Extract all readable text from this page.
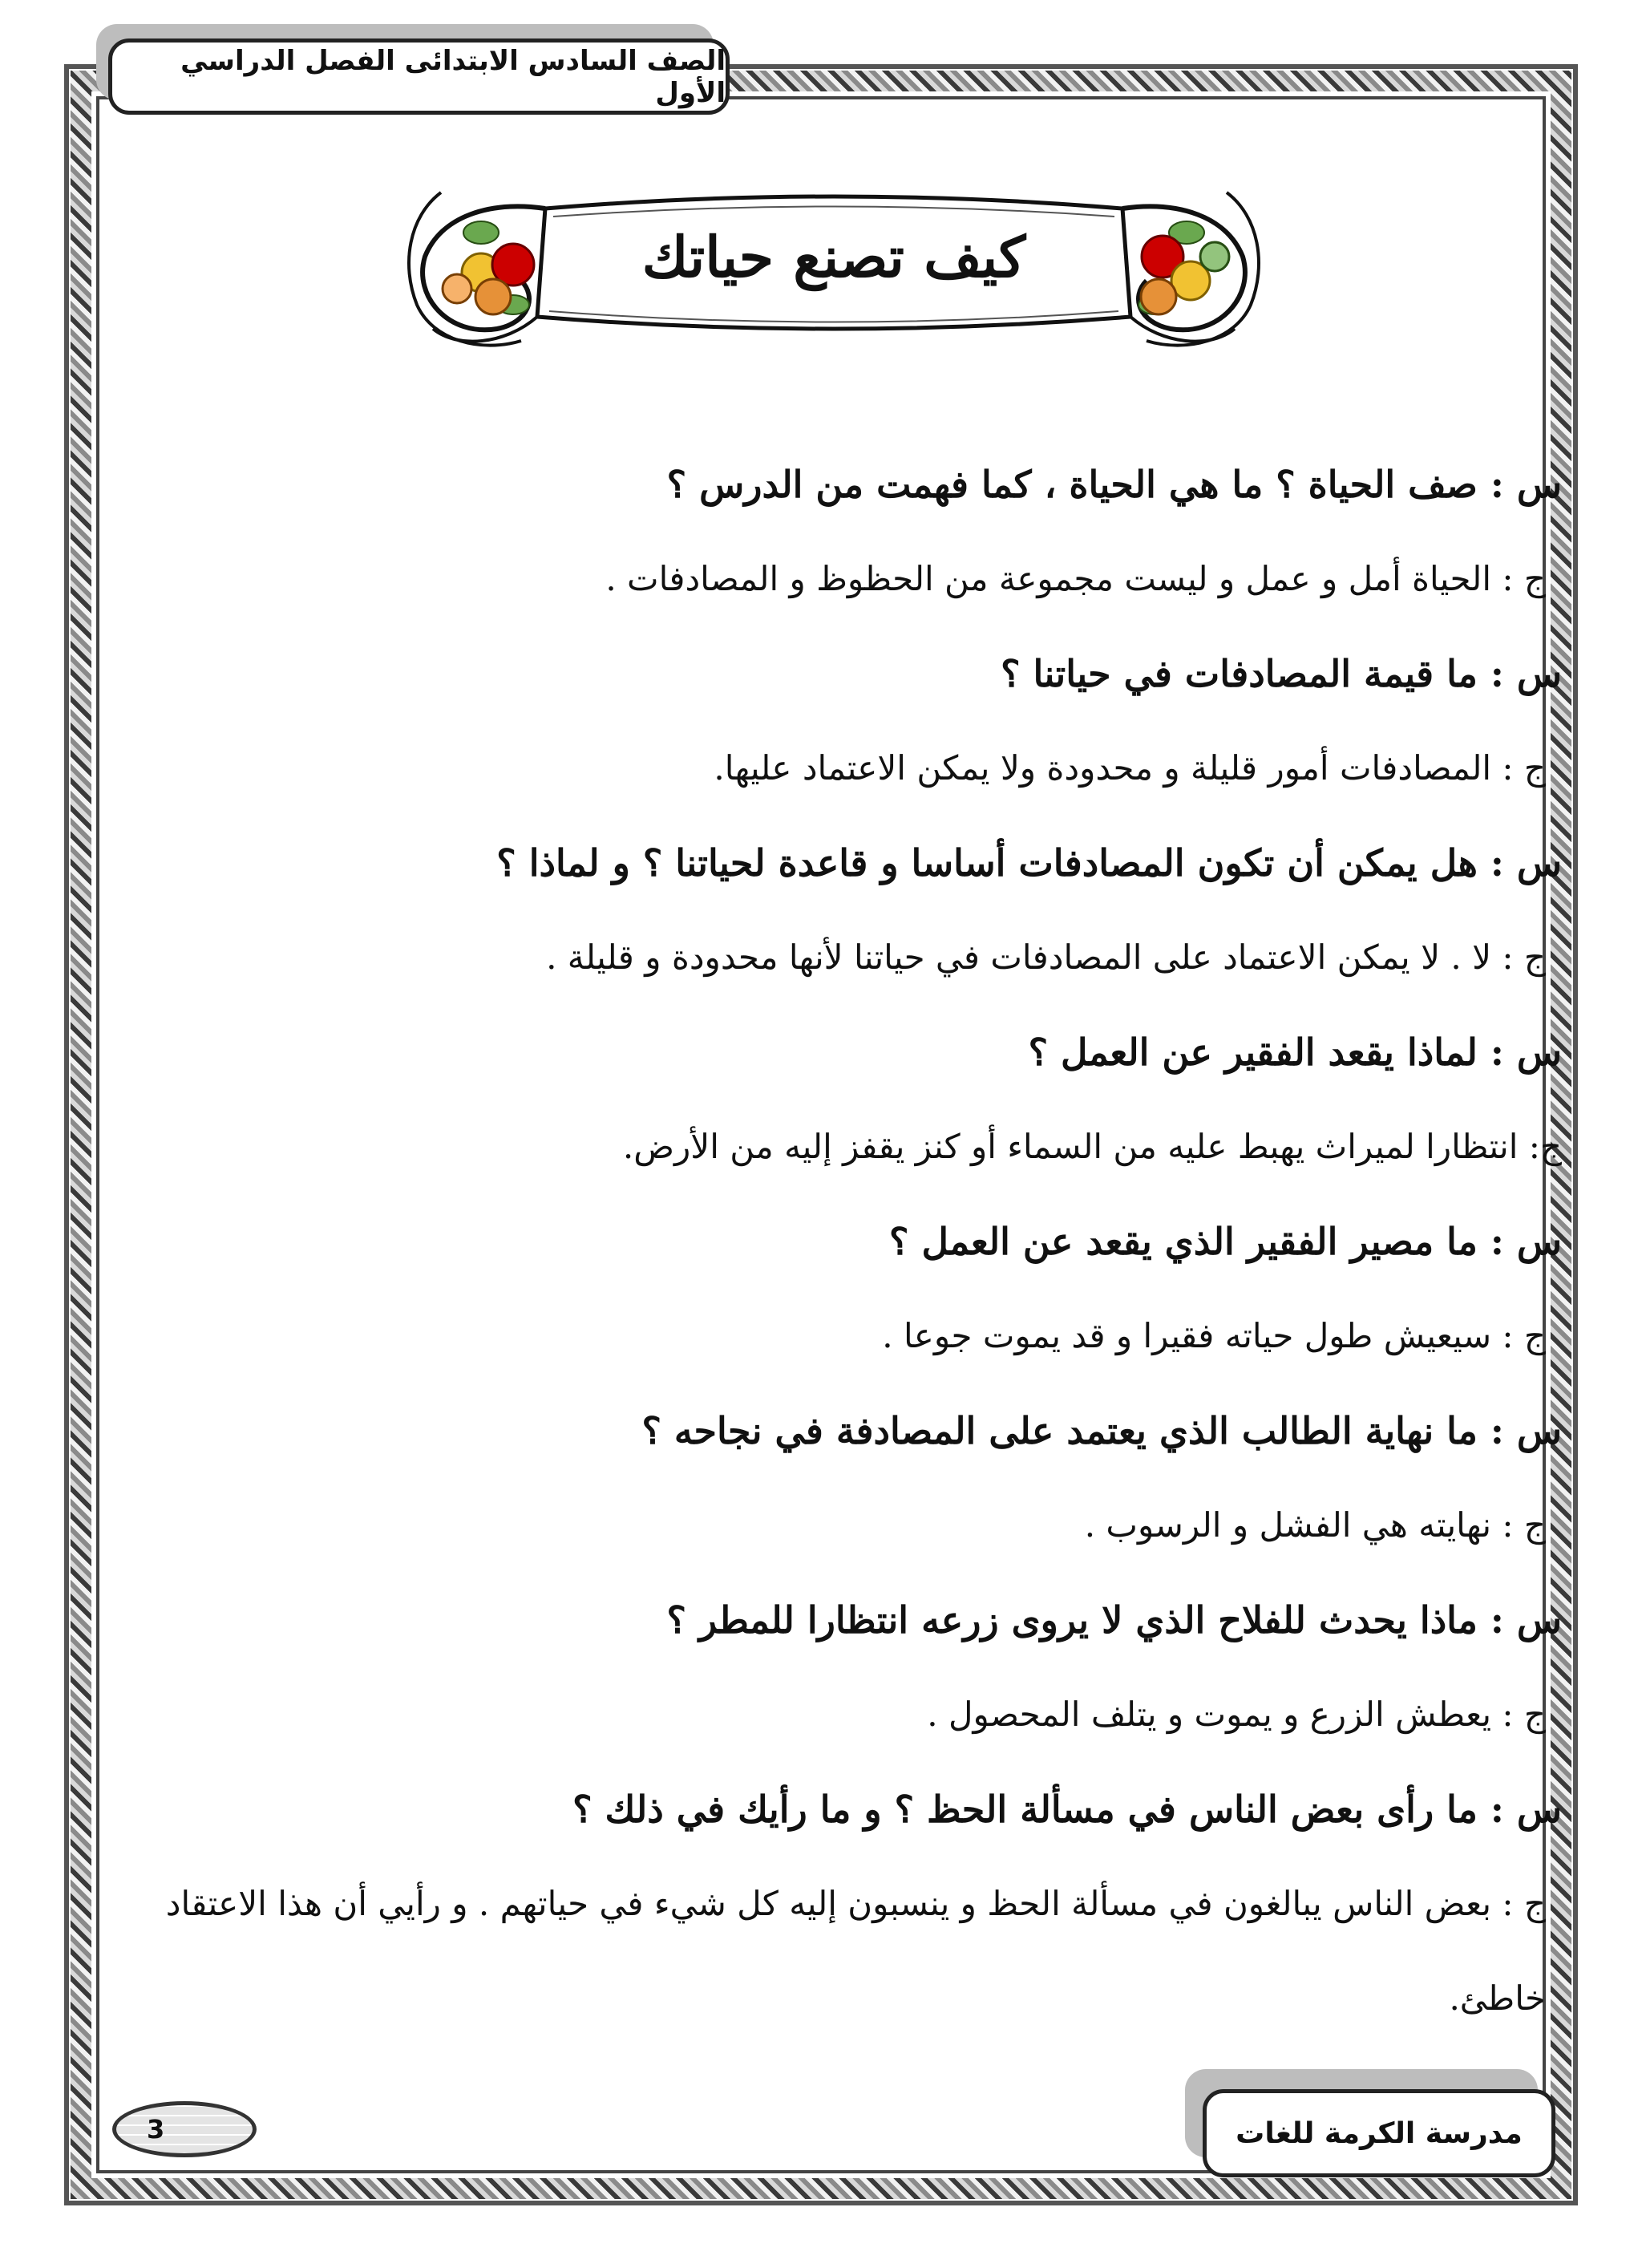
الصف السادس الابتدائى الفصل الدراسي الأول
كيف تصنع حياتك
س : صف الحياة ؟ ما هي الحياة ، كما فهمت من الدرس ؟
ج : الحياة أمل و عمل و ليست مجموعة من الحظوظ و المصادفات .
س : ما قيمة المصادفات في حياتنا ؟
ج : المصادفات أمور قليلة و محدودة ولا يمكن الاعتماد عليها.
س : هل يمكن أن تكون المصادفات أساسا و قاعدة لحياتنا ؟ و لماذا ؟
ج : لا . لا يمكن الاعتماد على المصادفات في حياتنا لأنها محدودة و قليلة .
س : لماذا يقعد الفقير عن العمل ؟
ج: انتظارا لميراث يهبط عليه من السماء أو كنز يقفز إليه من الأرض.
س : ما مصير الفقير الذي يقعد عن العمل ؟
ج : سيعيش طول حياته فقيرا و قد يموت جوعا .
س : ما نهاية الطالب الذي يعتمد على المصادفة في نجاحه ؟
ج : نهايته هي الفشل و الرسوب .
س : ماذا يحدث للفلاح الذي لا يروى زرعه انتظارا للمطر ؟
ج : يعطش الزرع و يموت و يتلف المحصول .
س : ما رأى بعض الناس في مسألة الحظ ؟ و ما رأيك في ذلك ؟
ج : بعض الناس يبالغون في مسألة الحظ و ينسبون إليه كل شيء في حياتهم . و رأيي أن هذا الاعتقاد خاطئ.
3	مدرسة الكرمة للغات
